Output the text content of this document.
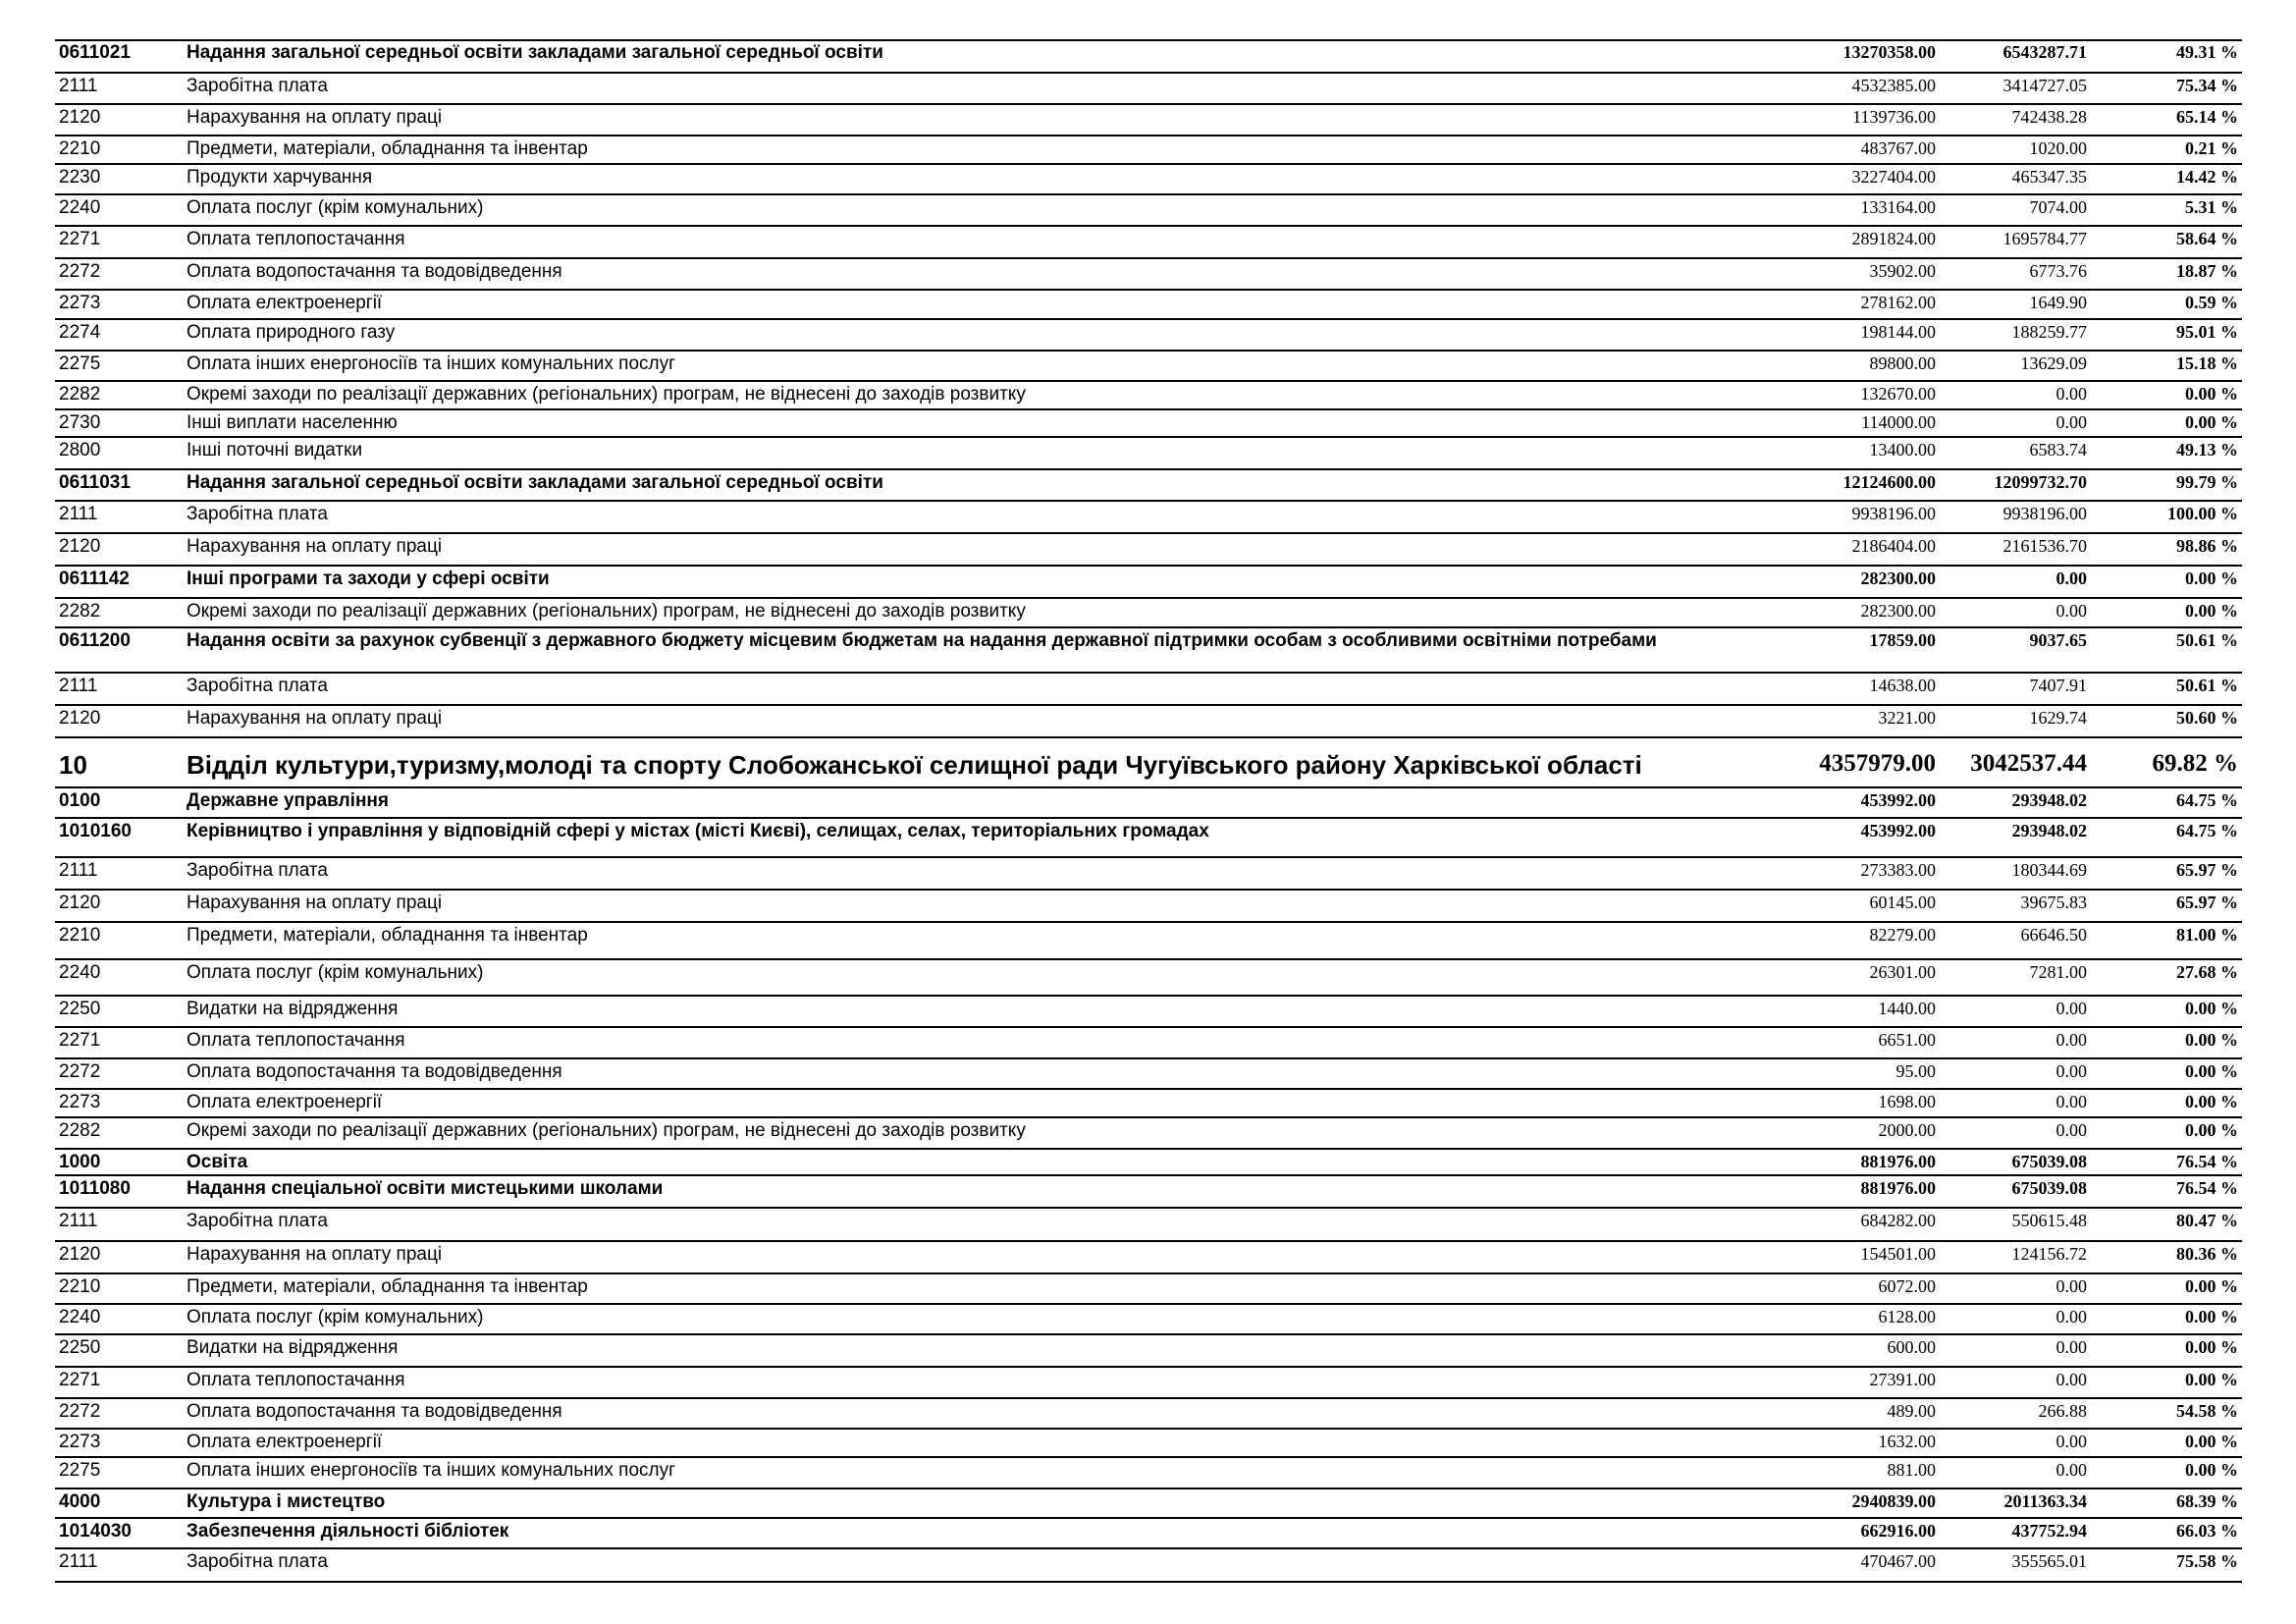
0611021	Надання загальної середньої освіти закладами загальної середньої освіти	13270358.00	6543287.71	49.31 %
2111	Заробітна плата	4532385.00	3414727.05	75.34 %
2120	Нарахування на оплату праці	1139736.00	742438.28	65.14 %
2210	Предмети, матеріали, обладнання та інвентар	483767.00	1020.00	0.21 %
2230	Продукти харчування	3227404.00	465347.35	14.42 %
2240	Оплата послуг (крім комунальних)	133164.00	7074.00	5.31 %
2271	Оплата теплопостачання	2891824.00	1695784.77	58.64 %
2272	Оплата водопостачання та водовідведення	35902.00	6773.76	18.87 %
2273	Оплата електроенергії	278162.00	1649.90	0.59 %
2274	Оплата природного газу	198144.00	188259.77	95.01 %
2275	Оплата інших енергоносіїв та інших комунальних послуг	89800.00	13629.09	15.18 %
2282	Окремі заходи по реалізації державних (регіональних) програм, не віднесені до заходів розвитку	132670.00	0.00	0.00 %
2730	Інші виплати населенню	114000.00	0.00	0.00 %
2800	Інші поточні видатки	13400.00	6583.74	49.13 %
0611031	Надання загальної середньої освіти закладами загальної середньої освіти	12124600.00	12099732.70	99.79 %
2111	Заробітна плата	9938196.00	9938196.00	100.00 %
2120	Нарахування на оплату праці	2186404.00	2161536.70	98.86 %
0611142	Інші програми та заходи у сфері освіти	282300.00	0.00	0.00 %
2282	Окремі заходи по реалізації державних (регіональних) програм, не віднесені до заходів розвитку	282300.00	0.00	0.00 %
0611200	Надання освіти за рахунок субвенції з державного бюджету місцевим бюджетам на надання державної підтримки особам з особливими освітніми потребами	17859.00	9037.65	50.61 %
2111	Заробітна плата	14638.00	7407.91	50.61 %
2120	Нарахування на оплату праці	3221.00	1629.74	50.60 %
10	Відділ культури,туризму,молоді та спорту Слобожанської селищної ради Чугуївського району Харківської області	4357979.00 3042537.44	69.82 %
0100	Державне управління	453992.00	293948.02	64.75 %
1010160	Керівництво і управління у відповідній сфері у містах (місті Києві), селищах, селах, територіальних громадах	453992.00	293948.02	64.75 %
2111	Заробітна плата	273383.00	180344.69	65.97 %
2120	Нарахування на оплату праці	60145.00	39675.83	65.97 %
2210	Предмети, матеріали, обладнання та інвентар	82279.00	66646.50	81.00 %
2240	Оплата послуг (крім комунальних)	26301.00	7281.00	27.68 %
2250	Видатки на відрядження	1440.00	0.00	0.00 %
2271	Оплата теплопостачання	6651.00	0.00	0.00 %
2272	Оплата водопостачання та водовідведення	95.00	0.00	0.00 %
2273	Оплата електроенергії	1698.00	0.00	0.00 %
2282	Окремі заходи по реалізації державних (регіональних) програм, не віднесені до заходів розвитку	2000.00	0.00	0.00 %
1000	Освіта	881976.00	675039.08	76.54 %
1011080	Надання спеціальної освіти мистецькими школами	881976.00	675039.08	76.54 %
2111	Заробітна плата	684282.00	550615.48	80.47 %
2120	Нарахування на оплату праці	154501.00	124156.72	80.36 %
2210	Предмети, матеріали, обладнання та інвентар	6072.00	0.00	0.00 %
2240	Оплата послуг (крім комунальних)	6128.00	0.00	0.00 %
2250	Видатки на відрядження	600.00	0.00	0.00 %
2271	Оплата теплопостачання	27391.00	0.00	0.00 %
2272	Оплата водопостачання та водовідведення	489.00	266.88	54.58 %
2273	Оплата електроенергії	1632.00	0.00	0.00 %
2275	Оплата інших енергоносіїв та інших комунальних послуг	881.00	0.00	0.00 %
4000	Культура і мистецтво	2940839.00	2011363.34	68.39 %
1014030	Забезпечення діяльності бібліотек	662916.00	437752.94	66.03 %
2111	Заробітна плата	470467.00	355565.01	75.58 %
